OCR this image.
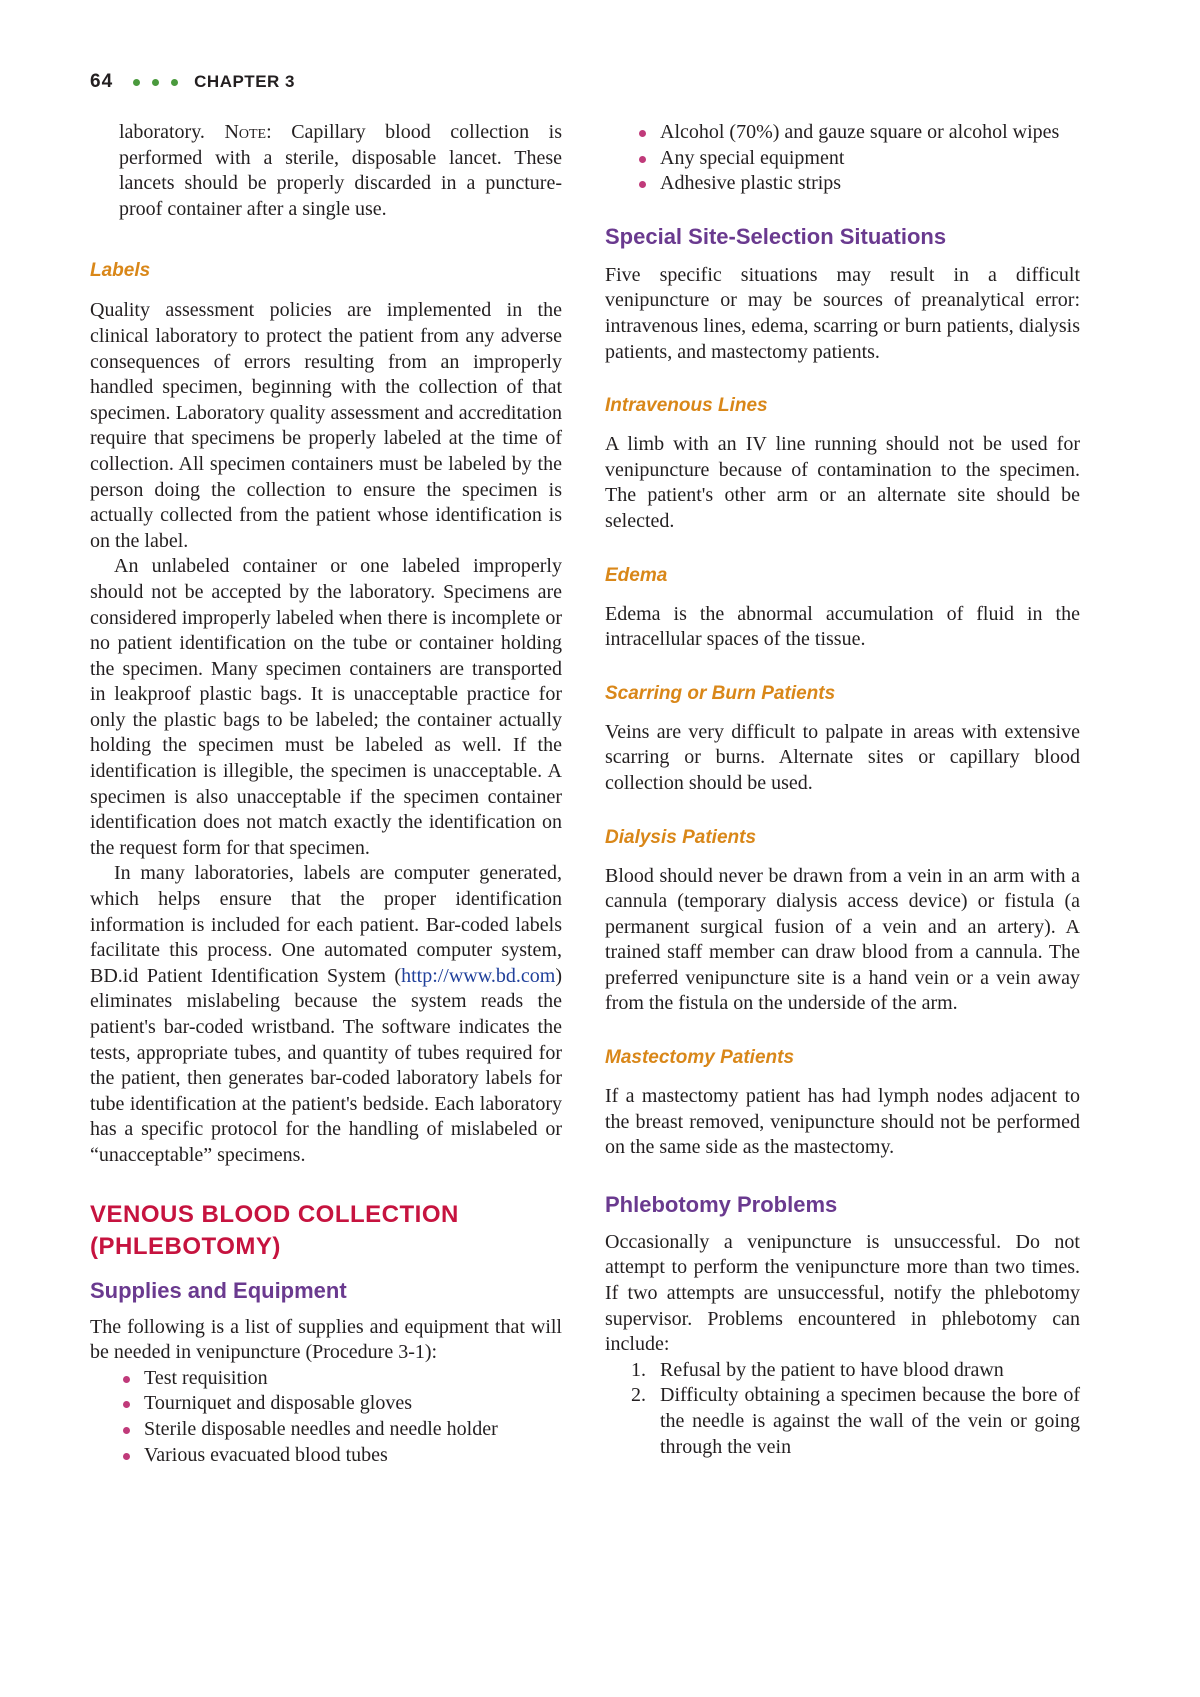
64	CHAPTER 3

laboratory. Note: Capillary blood collection is performed with a sterile, disposable lancet. These lancets should be properly discarded in a puncture-proof container after a single use.

Labels

Quality assessment policies are implemented in the clinical laboratory to protect the patient from any adverse consequences of errors resulting from an improperly handled specimen, beginning with the collection of that specimen. Laboratory quality assessment and accreditation require that specimens be properly labeled at the time of collection. All specimen containers must be labeled by the person doing the collection to ensure the specimen is actually collected from the patient whose identification is on the label.

An unlabeled container or one labeled improperly should not be accepted by the laboratory. Specimens are considered improperly labeled when there is incomplete or no patient identification on the tube or container holding the specimen. Many specimen containers are transported in leakproof plastic bags. It is unacceptable practice for only the plastic bags to be labeled; the container actually holding the specimen must be labeled as well. If the identification is illegible, the specimen is unacceptable. A specimen is also unacceptable if the specimen container identification does not match exactly the identification on the request form for that specimen.

In many laboratories, labels are computer generated, which helps ensure that the proper identification information is included for each patient. Bar-coded labels facilitate this process. One automated computer system, BD.id Patient Identification System (http://www.bd.com) eliminates mislabeling because the system reads the patient's bar-coded wristband. The software indicates the tests, appropriate tubes, and quantity of tubes required for the patient, then generates bar-coded laboratory labels for tube identification at the patient's bedside. Each laboratory has a specific protocol for the handling of mislabeled or “unacceptable” specimens.

VENOUS BLOOD COLLECTION
(PHLEBOTOMY)
Supplies and Equipment

The following is a list of supplies and equipment that will be needed in venipuncture (Procedure 3-1):

Test requisition
Tourniquet and disposable gloves
Sterile disposable needles and needle holder
Various evacuated blood tubes
Alcohol (70%) and gauze square or alcohol wipes
Any special equipment
Adhesive plastic strips
Special Site-Selection Situations

Five specific situations may result in a difficult venipuncture or may be sources of preanalytical error: intravenous lines, edema, scarring or burn patients, dialysis patients, and mastectomy patients.

Intravenous Lines

A limb with an IV line running should not be used for venipuncture because of contamination to the specimen. The patient's other arm or an alternate site should be selected.

Edema

Edema is the abnormal accumulation of fluid in the intracellular spaces of the tissue.

Scarring or Burn Patients

Veins are very difficult to palpate in areas with extensive scarring or burns. Alternate sites or capillary blood collection should be used.

Dialysis Patients

Blood should never be drawn from a vein in an arm with a cannula (temporary dialysis access device) or fistula (a permanent surgical fusion of a vein and an artery). A trained staff member can draw blood from a cannula. The preferred venipuncture site is a hand vein or a vein away from the fistula on the underside of the arm.

Mastectomy Patients

If a mastectomy patient has had lymph nodes adjacent to the breast removed, venipuncture should not be performed on the same side as the mastectomy.

Phlebotomy Problems

Occasionally a venipuncture is unsuccessful. Do not attempt to perform the venipuncture more than two times. If two attempts are unsuccessful, notify the phlebotomy supervisor. Problems encountered in phlebotomy can include:

1. Refusal by the patient to have blood drawn
2. Difficulty obtaining a specimen because the bore of the needle is against the wall of the vein or going through the vein
